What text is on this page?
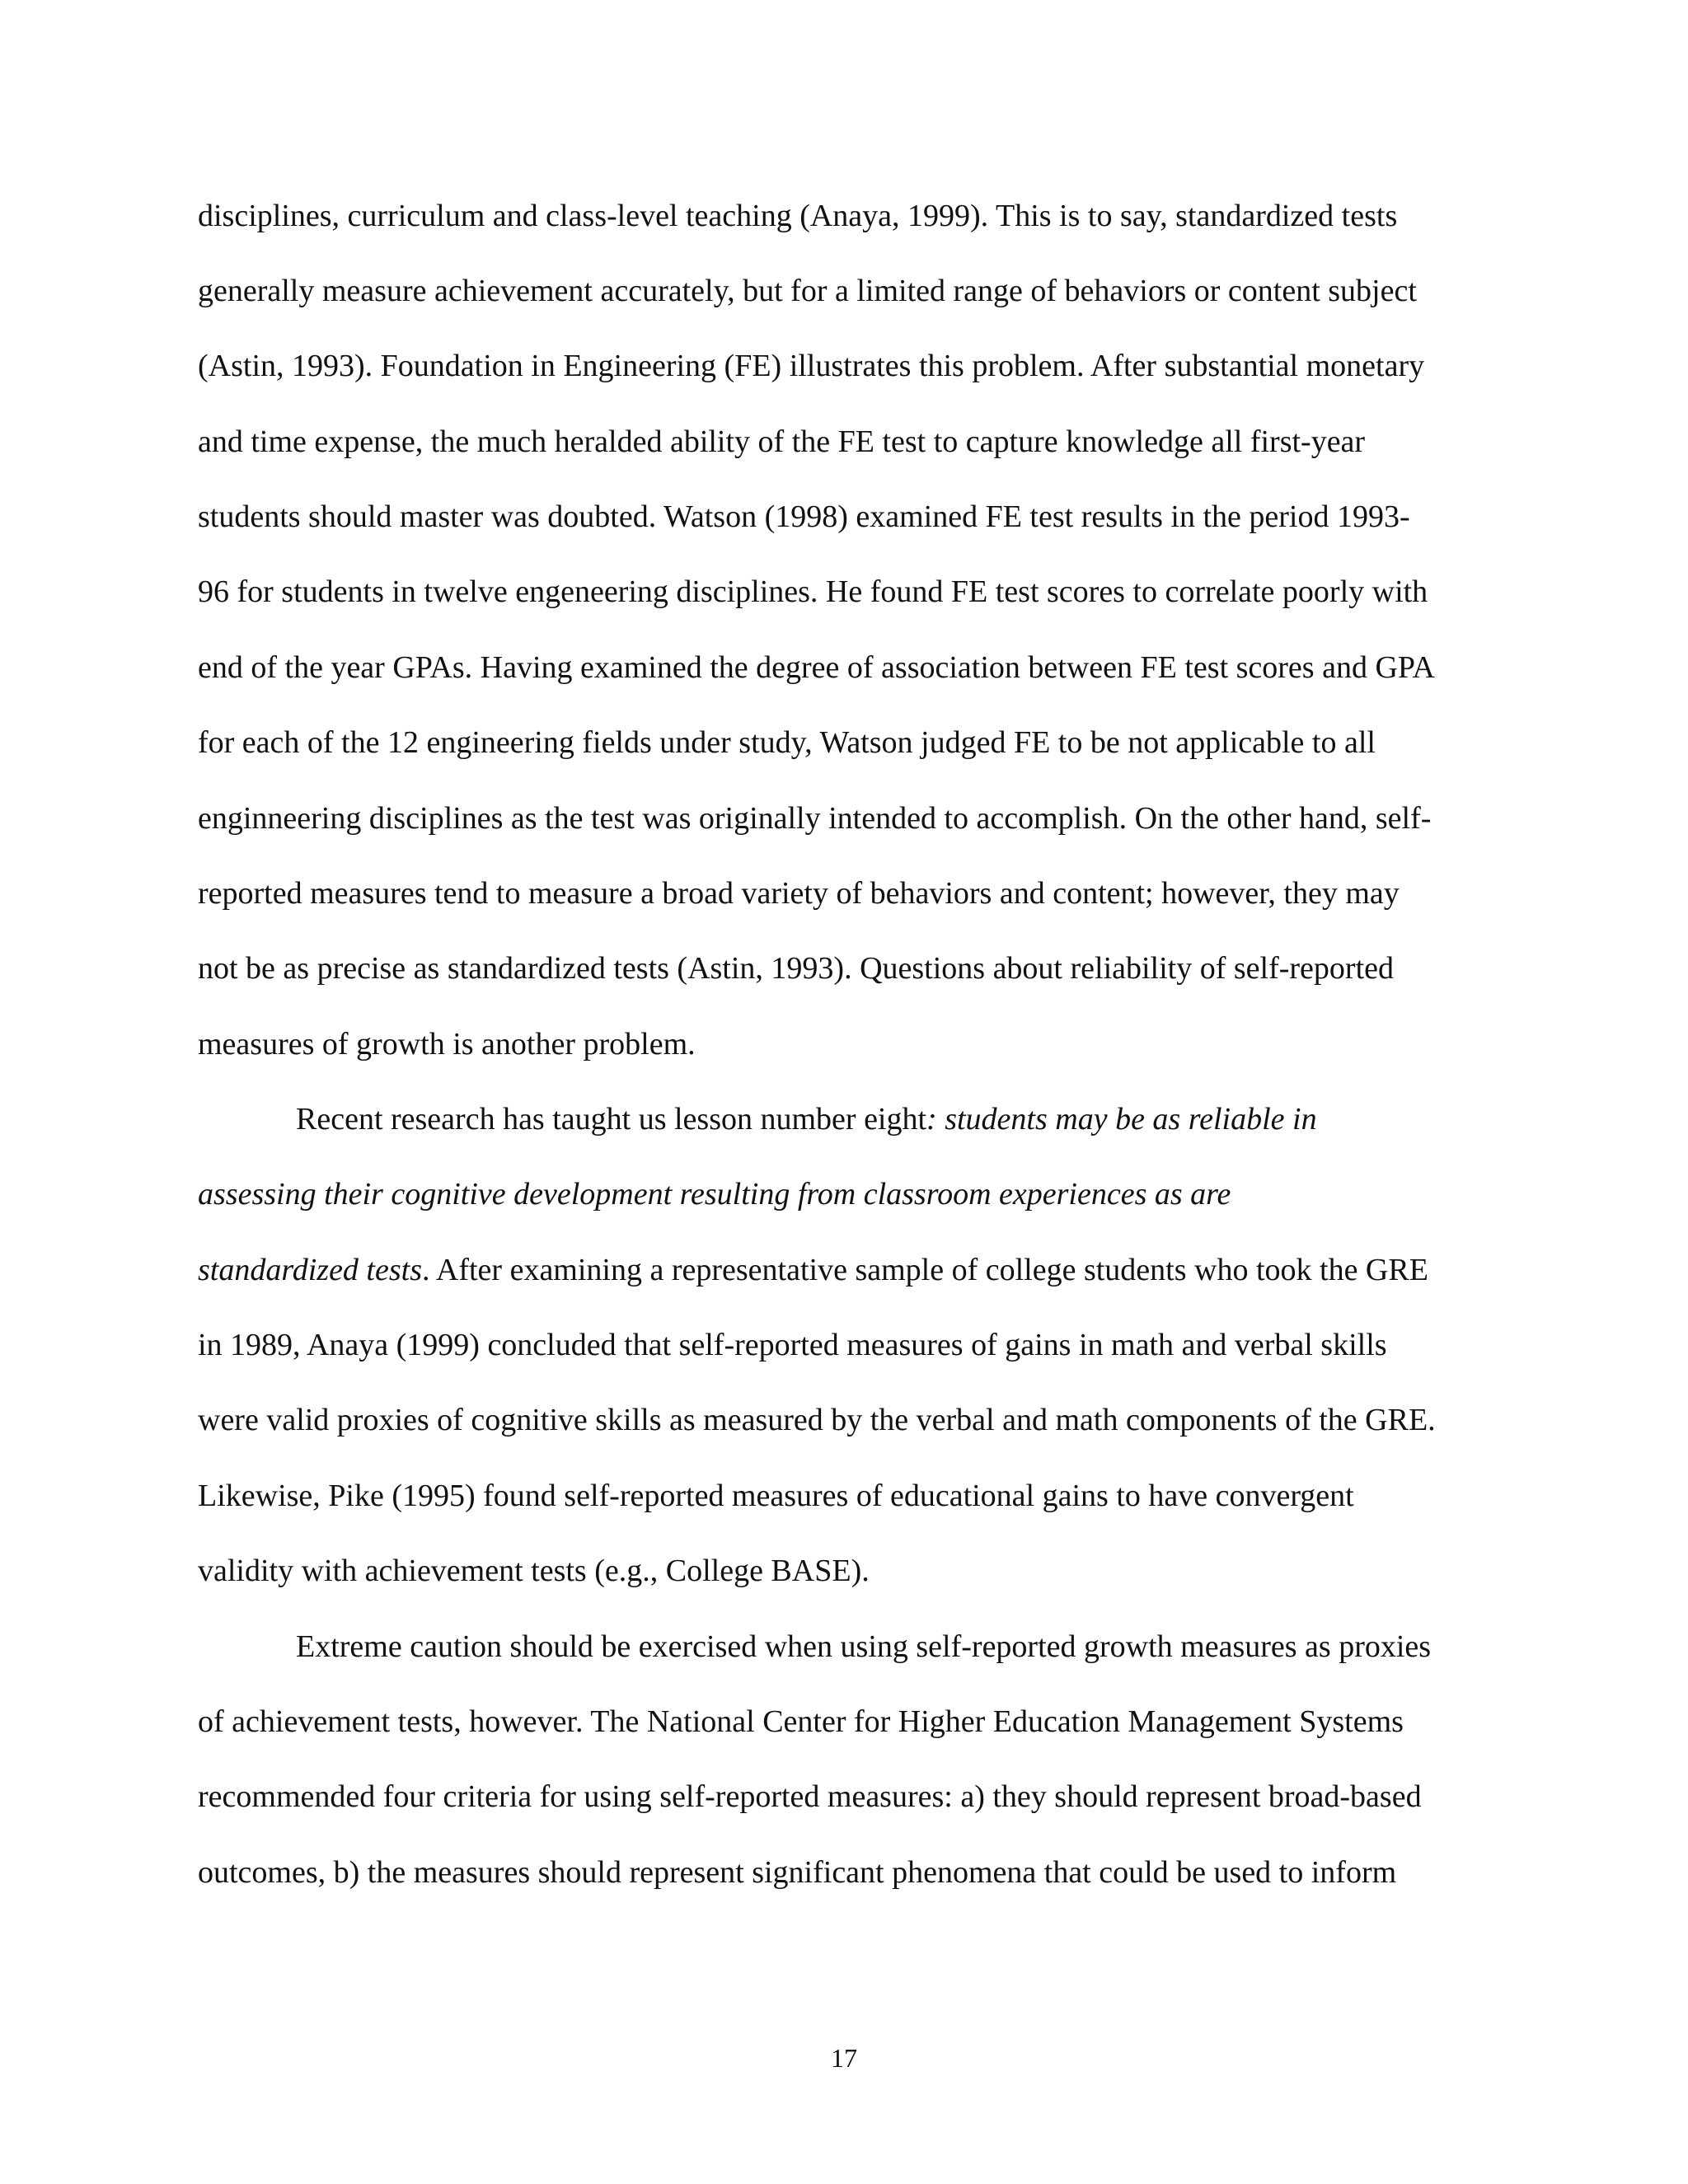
disciplines, curriculum and class-level teaching (Anaya, 1999). This is to say, standardized tests
generally measure achievement accurately, but for a limited range of behaviors or content subject
(Astin, 1993). Foundation in Engineering (FE) illustrates this problem. After substantial monetary
and time expense, the much heralded ability of the FE test to capture knowledge all first-year
students should master was doubted. Watson (1998) examined FE test results in the period 1993-
96 for students in twelve engeneering disciplines. He found FE test scores to correlate poorly with
end of the year GPAs. Having examined the degree of association between FE test scores and GPA
for each of the 12 engineering fields under study, Watson judged FE to be not applicable to all
enginneering disciplines as the test was originally intended to accomplish. On the other hand, self-
reported measures tend to measure a broad variety of behaviors and content; however, they may
not be as precise as standardized tests (Astin, 1993). Questions about reliability of self-reported
measures of growth is another problem.
Recent research has taught us lesson number eight: students may be as reliable in
assessing their cognitive development resulting from classroom experiences as are
standardized tests. After examining a representative sample of college students who took the GRE
in 1989, Anaya (1999) concluded that self-reported measures of gains in math and verbal skills
were valid proxies of cognitive skills as measured by the verbal and math components of the GRE.
Likewise, Pike (1995) found self-reported measures of educational gains to have convergent
validity with achievement tests (e.g., College BASE).
Extreme caution should be exercised when using self-reported growth measures as proxies
of achievement tests, however. The National Center for Higher Education Management Systems
recommended four criteria for using self-reported measures: a) they should represent broad-based
outcomes, b) the measures should represent significant phenomena that could be used to inform
17
